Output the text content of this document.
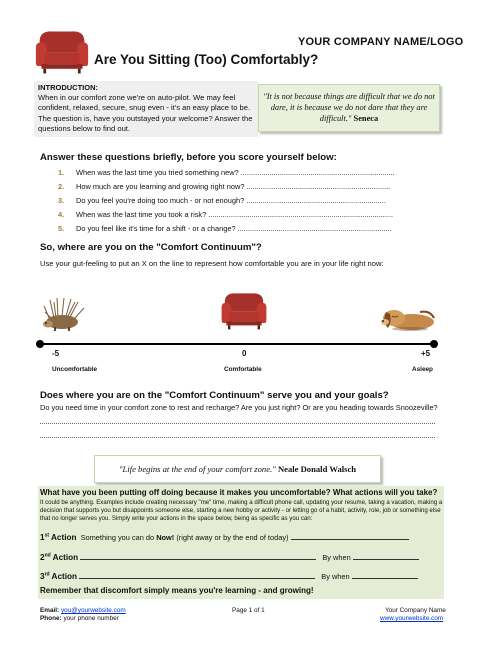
YOUR COMPANY NAME/LOGO
Are You Sitting (Too) Comfortably?
INTRODUCTION:
When in our comfort zone we're on auto-pilot. We may feel confident, relaxed, secure, snug even - it's an easy place to be. The question is, have you outstayed your welcome? Answer the questions below to find out.
"It is not because things are difficult that we do not dare, it is because we do not dare that they are difficult." Seneca
Answer these questions briefly, before you score yourself below:
1. When was the last time you tried something new? ...........................................................................
2. How much are you learning and growing right now? ......................................................................
3. Do you feel you're doing too much - or not enough? ....................................................................
4. When was the last time you took a risk? ..........................................................................................
5. Do you feel like it's time for a shift - or a change? ...........................................................................
So, where are you on the "Comfort Continuum"?
Use your gut-feeling to put an X on the line to represent how comfortable you are in your life right now:
-5	0	+5
Uncomfortable	Comfortable	Asleep
Does where you are on the "Comfort Continuum" serve you and your goals?
Do you need time in your comfort zone to rest and recharge? Are you just right? Or are you heading towards Snoozeville?
"Life begins at the end of your comfort zone." Neale Donald Walsch
What have you been putting off doing because it makes you uncomfortable? What actions will you take?
It could be anything. Examples include creating necessary "me" time, making a difficult phone call, updating your resume, taking a vacation, making a decision that supports you but disappoints someone else, starting a new hobby or activity - or letting go of a habit, activity, role, job or something else that no longer serves you. Simply write your actions in the space below, being as specific as you can:
1st Action Something you can do Now! (right away or by the end of today)
2nd Action	By when
3rd Action	By when
Remember that discomfort simply means you're learning - and growing!
Email: you@yourwebsite.com
Phone: your phone number
Page 1 of 1	Your Company Name
www.yourwebsite.com
